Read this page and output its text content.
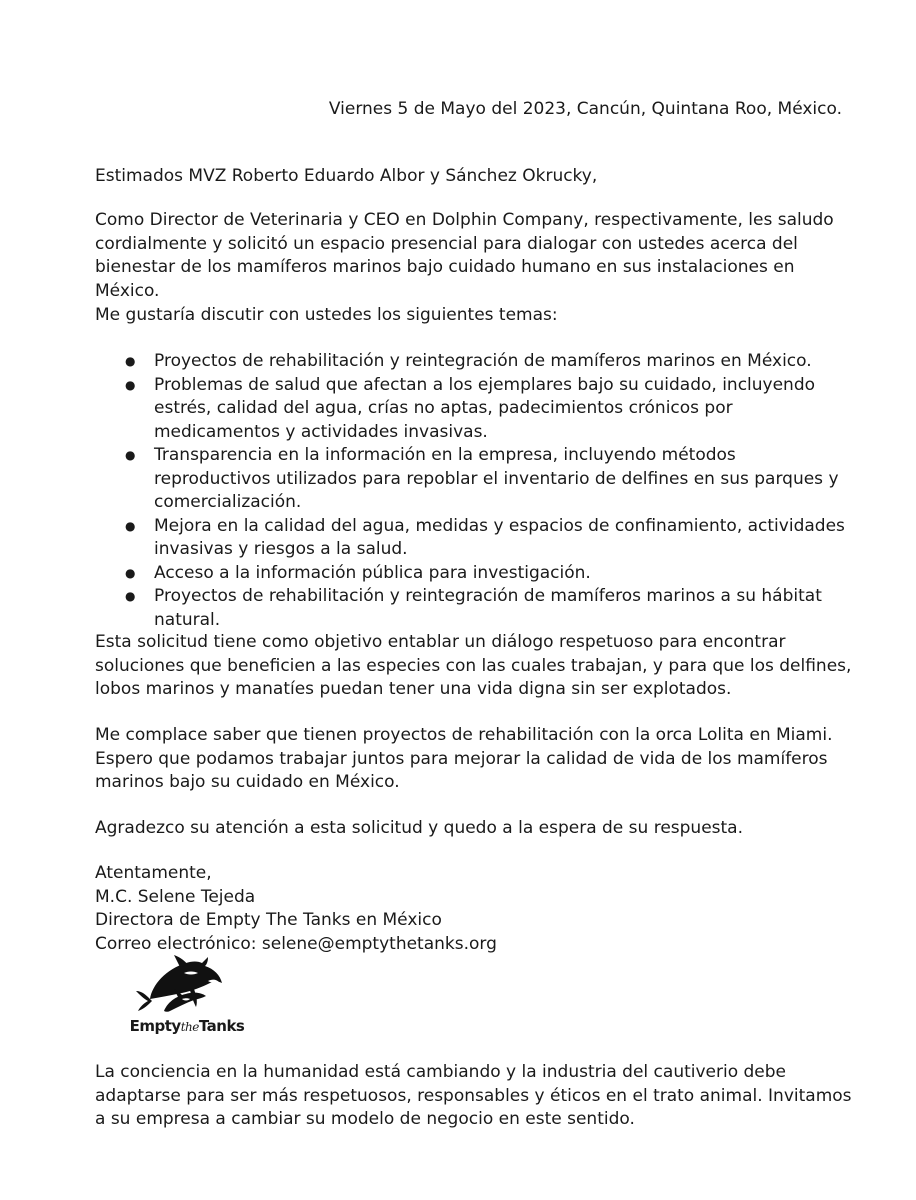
Viernes 5 de Mayo del 2023, Cancún, Quintana Roo, México.

Estimados MVZ Roberto Eduardo Albor y Sánchez Okrucky,

Como Director de Veterinaria y CEO en Dolphin Company, respectivamente, les saludo cordialmente y solicitó un espacio presencial para dialogar con ustedes acerca del bienestar de los mamíferos marinos bajo cuidado humano en sus instalaciones en México.

Me gustaría discutir con ustedes los siguientes temas:

● Proyectos de rehabilitación y reintegración de mamíferos marinos en México.
● Problemas de salud que afectan a los ejemplares bajo su cuidado, incluyendo estrés, calidad del agua, crías no aptas, padecimientos crónicos por medicamentos y actividades invasivas.
● Transparencia en la información en la empresa, incluyendo métodos reproductivos utilizados para repoblar el inventario de delfines en sus parques y comercialización.
● Mejora en la calidad del agua, medidas y espacios de confinamiento, actividades invasivas y riesgos a la salud.
● Acceso a la información pública para investigación.
● Proyectos de rehabilitación y reintegración de mamíferos marinos a su hábitat natural.

Esta solicitud tiene como objetivo entablar un diálogo respetuoso para encontrar soluciones que beneficien a las especies con las cuales trabajan, y para que los delfines, lobos marinos y manatíes puedan tener una vida digna sin ser explotados.

Me complace saber que tienen proyectos de rehabilitación con la orca Lolita en Miami. Espero que podamos trabajar juntos para mejorar la calidad de vida de los mamíferos marinos bajo su cuidado en México.

Agradezco su atención a esta solicitud y quedo a la espera de su respuesta.

Atentamente,
M.C. Selene Tejeda
Directora de Empty The Tanks en México
Correo electrónico: selene@emptythetanks.org
EmptytheTanks

La conciencia en la humanidad está cambiando y la industria del cautiverio debe adaptarse para ser más respetuosos, responsables y éticos en el trato animal. Invitamos a su empresa a cambiar su modelo de negocio en este sentido.
